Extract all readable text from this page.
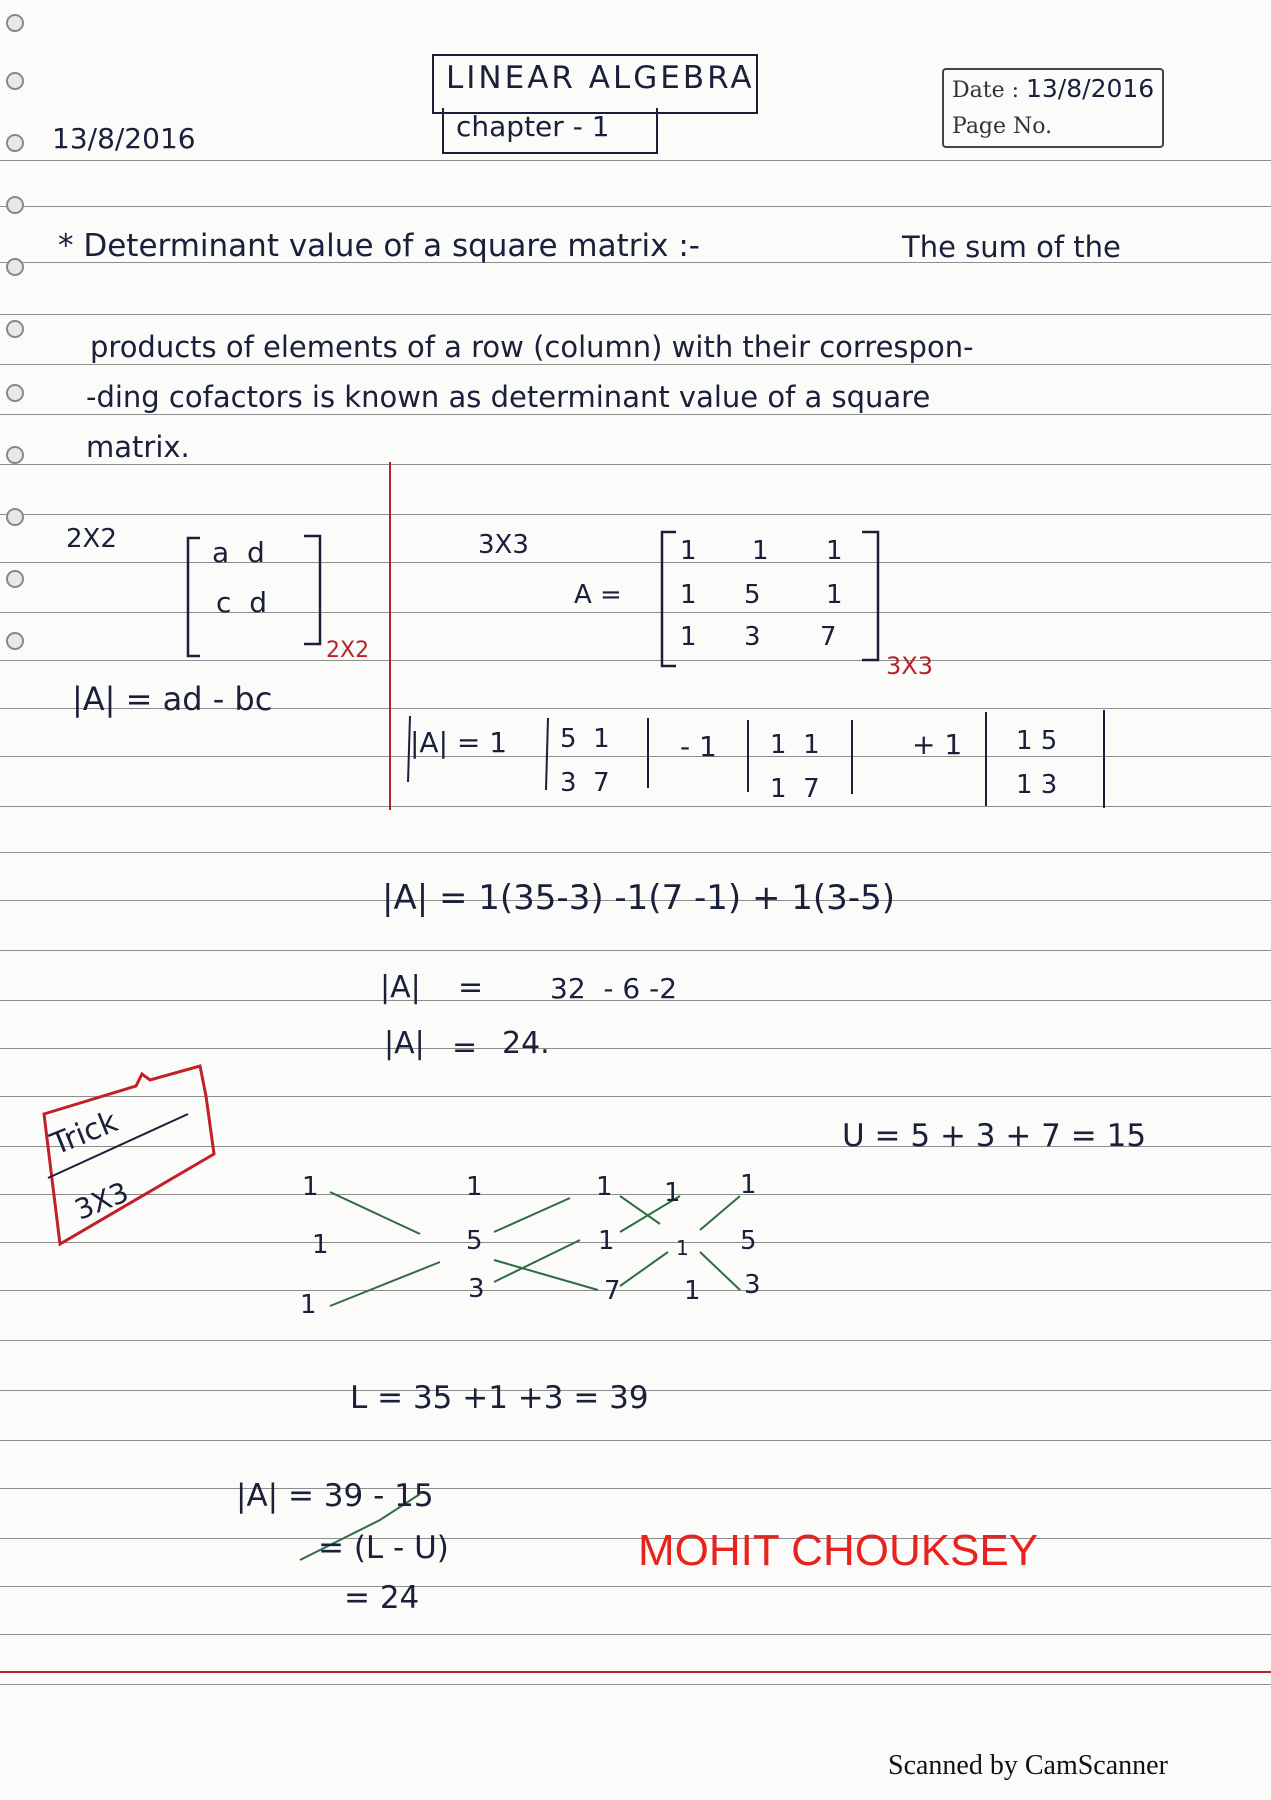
LINEAR ALGEBRA
chapter - 1
13/8/2016
Date : 13/8/2016
Page No.
* Determinant value of a square matrix :-	The sum of the
products of elements of a row (column) with their correspon-
-ding cofactors is known as determinant value of a square
matrix.
2X2	a  d
c  d
2X2
|A| = ad - bc
3X3
A =
1 1 1
1 5	1
1 3 7
3X3
|A| = 1 5  1
3  7
- 1 1  1
1  7
+ 1 1 5
1 3
|A| = 1(35-3) -1(7 -1) + 1(3-5)
|A| = 32  - 6 -2
|A| = 24.
Trick
3X3
U = 5 + 3 + 7 = 15
1
1
1
1
5
3
1
1
7
1
1
1
1
5
3
L = 35 +1 +3 = 39
|A| = 39 - 15
= (L - U)
= 24
MOHIT CHOUKSEY
Scanned by CamScanner
